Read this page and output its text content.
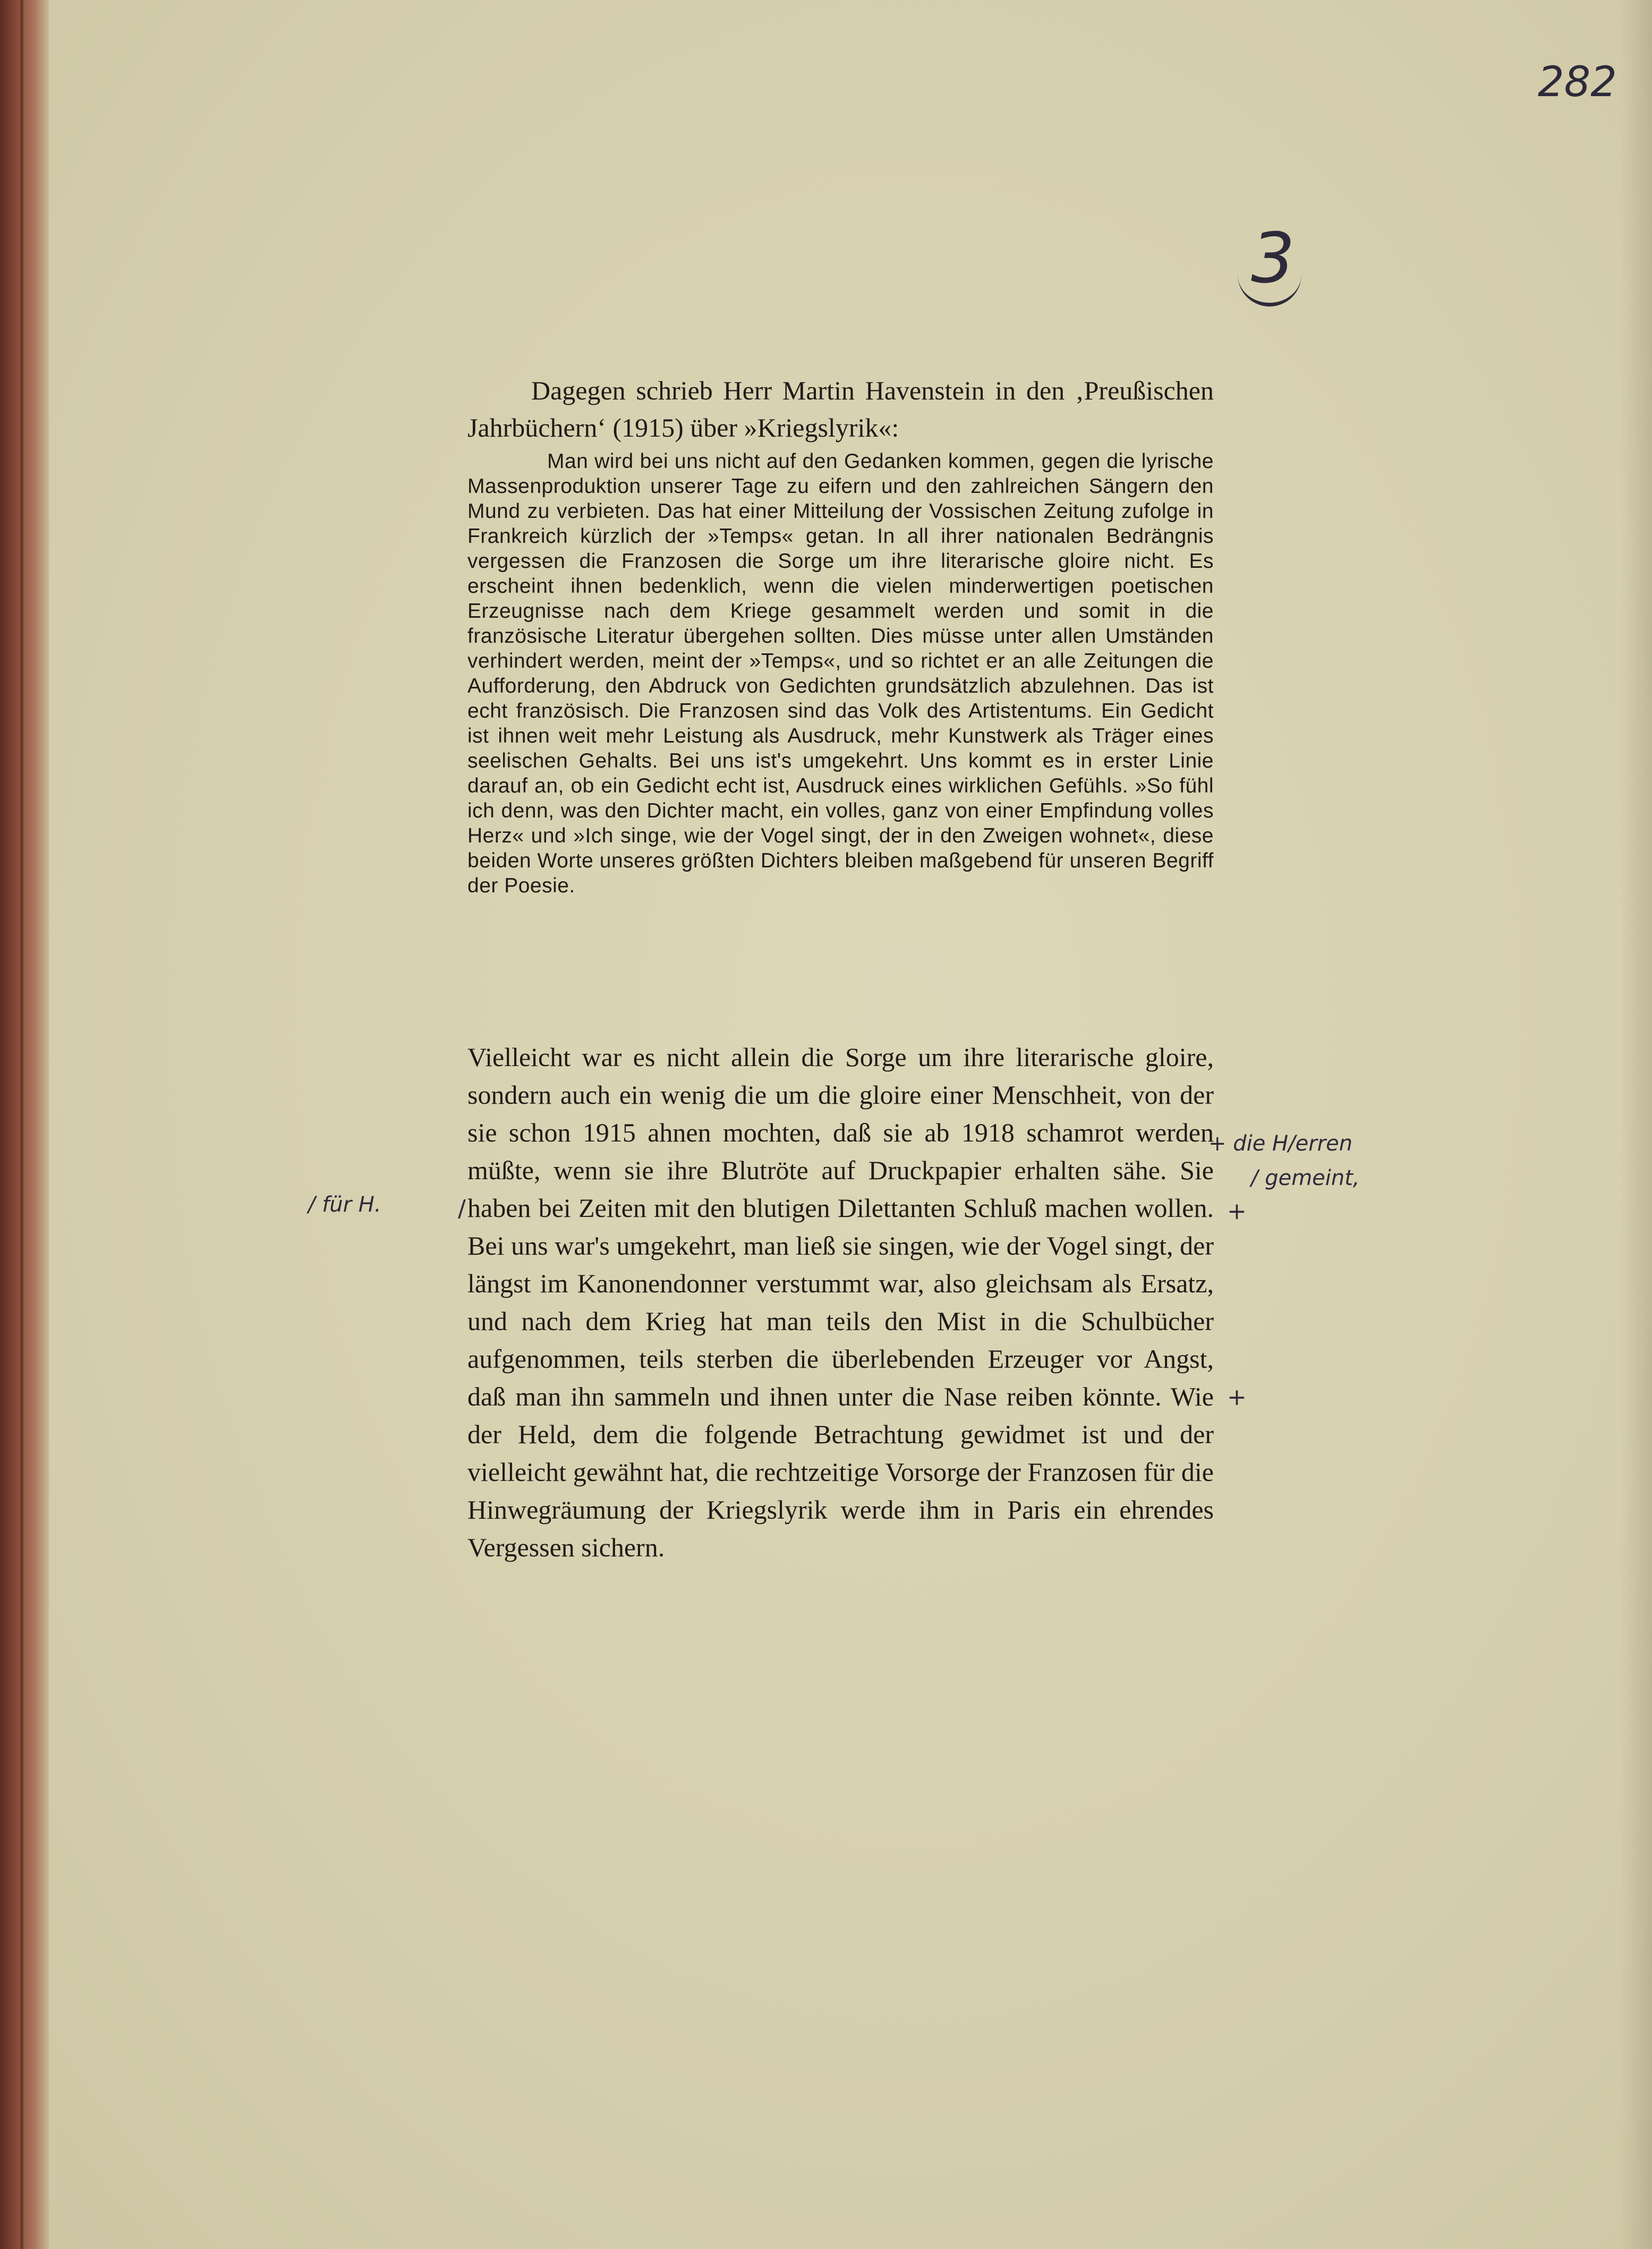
282
3

Dagegen schrieb Herr Martin Havenstein in den ‚Preußischen Jahrbüchern‘ (1915) über »Kriegslyrik«:

Man wird bei uns nicht auf den Gedanken kommen, gegen die lyrische Massenproduktion unserer Tage zu eifern und den zahlreichen Sängern den Mund zu verbieten. Das hat einer Mitteilung der Vossischen Zeitung zufolge in Frankreich kürzlich der »Temps« getan. In all ihrer nationalen Bedrängnis vergessen die Franzosen die Sorge um ihre literarische gloire nicht. Es erscheint ihnen bedenklich, wenn die vielen minderwertigen poetischen Erzeugnisse nach dem Kriege gesammelt werden und somit in die französische Literatur übergehen sollten. Dies müsse unter allen Umständen verhindert werden, meint der »Temps«, und so richtet er an alle Zeitungen die Aufforderung, den Abdruck von Gedichten grundsätzlich abzulehnen. Das ist echt französisch. Die Franzosen sind das Volk des Artistentums. Ein Gedicht ist ihnen weit mehr Leistung als Ausdruck, mehr Kunstwerk als Träger eines seelischen Gehalts. Bei uns ist's umgekehrt. Uns kommt es in erster Linie darauf an, ob ein Gedicht echt ist, Ausdruck eines wirklichen Gefühls. »So fühl ich denn, was den Dichter macht, ein volles, ganz von einer Empfindung volles Herz« und »Ich singe, wie der Vogel singt, der in den Zweigen wohnet«, diese beiden Worte unseres größten Dichters bleiben maßgebend für unseren Begriff der Poesie.

Vielleicht war es nicht allein die Sorge um ihre literarische gloire, sondern auch ein wenig die um die gloire einer Menschheit, von der sie schon 1915 ahnen mochten, daß sie ab 1918 schamrot werden müßte, wenn sie ihre Blutröte auf Druckpapier erhalten sähe. Sie haben bei Zeiten mit den blutigen Dilettanten Schluß machen wollen. Bei uns war's umgekehrt, man ließ sie singen, wie der Vogel singt, der längst im Kanonendonner verstummt war, also gleichsam als Ersatz, und nach dem Krieg hat man teils den Mist in die Schulbücher aufgenommen, teils sterben die überlebenden Erzeuger vor Angst, daß man ihn sammeln und ihnen unter die Nase reiben könnte. Wie der Held, dem die folgende Betrachtung gewidmet ist und der vielleicht gewähnt hat, die rechtzeitige Vorsorge der Franzosen für die Hinwegräumung der Kriegslyrik werde ihm in Paris ein ehrendes Vergessen sichern.

+ die H/erren
/ gemeint,
/ für H.	/	+
+
